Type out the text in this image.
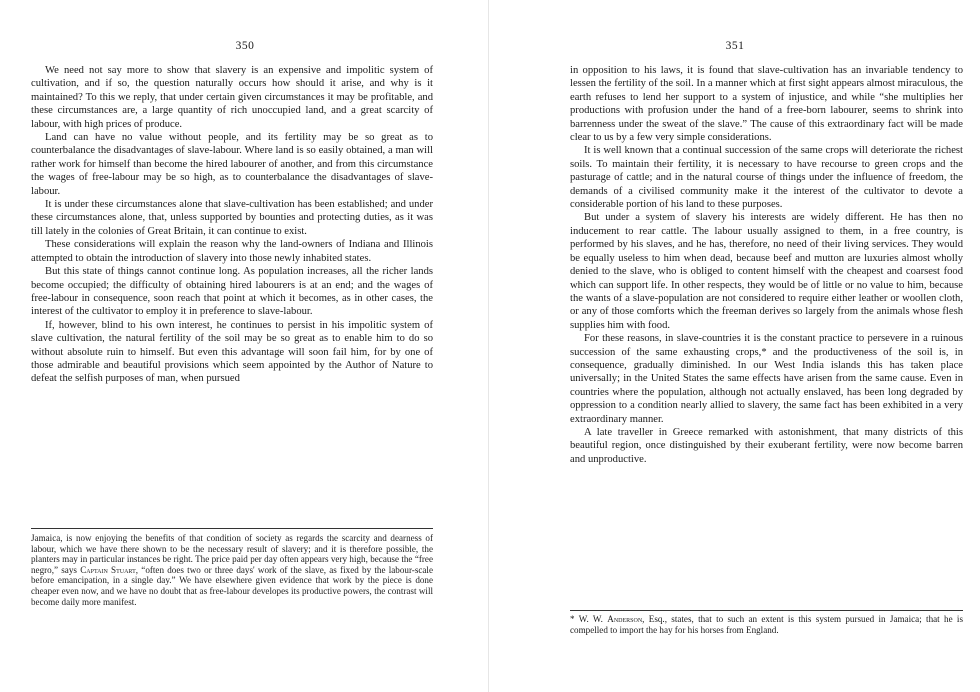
350

We need not say more to show that slavery is an expensive and impolitic system of cultivation, and if so, the question naturally occurs how should it arise, and why is it maintained? To this we reply, that under certain given circumstances it may be profitable, and these circumstances are, a large quantity of rich unoccupied land, and a great scarcity of labour, with high prices of produce.

Land can have no value without people, and its fertility may be so great as to counterbalance the disadvantages of slave-labour. Where land is so easily obtained, a man will rather work for himself than become the hired labourer of another, and from this circumstance the wages of free-labour may be so high, as to counterbalance the disadvantages of slave-labour.

It is under these circumstances alone that slave-cultivation has been established; and under these circumstances alone, that, unless supported by bounties and protecting duties, as it was till lately in the colonies of Great Britain, it can continue to exist.

These considerations will explain the reason why the land-owners of Indiana and Illinois attempted to obtain the introduction of slavery into those newly inhabited states.

But this state of things cannot continue long. As population increases, all the richer lands become occupied; the difficulty of obtaining hired labourers is at an end; and the wages of free-labour in consequence, soon reach that point at which it becomes, as in other cases, the interest of the cultivator to employ it in preference to slave-labour.

If, however, blind to his own interest, he continues to persist in his impolitic system of slave cultivation, the natural fertility of the soil may be so great as to enable him to do so without absolute ruin to himself. But even this advantage will soon fail him, for by one of those admirable and beautiful provisions which seem appointed by the Author of Nature to defeat the selfish purposes of man, when pursued

Jamaica, is now enjoying the benefits of that condition of society as regards the scarcity and dearness of labour, which we have there shown to be the necessary result of slavery; and it is therefore possible, the planters may in particular instances be right. The price paid per day often appears very high, because the “free negro,” says Captain Stuart, “often does two or three days' work of the slave, as fixed by the labour-scale before emancipation, in a single day.” We have elsewhere given evidence that work by the piece is done cheaper even now, and we have no doubt that as free-labour developes its productive powers, the contrast will become daily more manifest.

351

in opposition to his laws, it is found that slave-cultivation has an invariable tendency to lessen the fertility of the soil. In a manner which at first sight appears almost miraculous, the earth refuses to lend her support to a system of injustice, and while “she multiplies her productions with profusion under the hand of a free-born labourer, seems to shrink into barrenness under the sweat of the slave.” The cause of this extraordinary fact will be made clear to us by a few very simple considerations.

It is well known that a continual succession of the same crops will deteriorate the richest soils. To maintain their fertility, it is necessary to have recourse to green crops and the pasturage of cattle; and in the natural course of things under the influence of freedom, the demands of a civilised community make it the interest of the cultivator to devote a considerable portion of his land to these purposes.

But under a system of slavery his interests are widely different. He has then no inducement to rear cattle. The labour usually assigned to them, in a free country, is performed by his slaves, and he has, therefore, no need of their living services. They would be equally useless to him when dead, because beef and mutton are luxuries almost wholly denied to the slave, who is obliged to content himself with the cheapest and coarsest food which can support life. In other respects, they would be of little or no value to him, because the wants of a slave-population are not considered to require either leather or woollen cloth, or any of those comforts which the freeman derives so largely from the animals whose flesh supplies him with food.

For these reasons, in slave-countries it is the constant practice to persevere in a ruinous succession of the same exhausting crops,* and the productiveness of the soil is, in consequence, gradually diminished. In our West India islands this has taken place universally; in the United States the same effects have arisen from the same cause. Even in countries where the population, although not actually enslaved, has been long degraded by oppression to a condition nearly allied to slavery, the same fact has been exhibited in a very extraordinary manner.

A late traveller in Greece remarked with astonishment, that many districts of this beautiful region, once distinguished by their exuberant fertility, were now become barren and unproductive.

* W. W. Anderson, Esq., states, that to such an extent is this system pursued in Jamaica; that he is compelled to import the hay for his horses from England.
